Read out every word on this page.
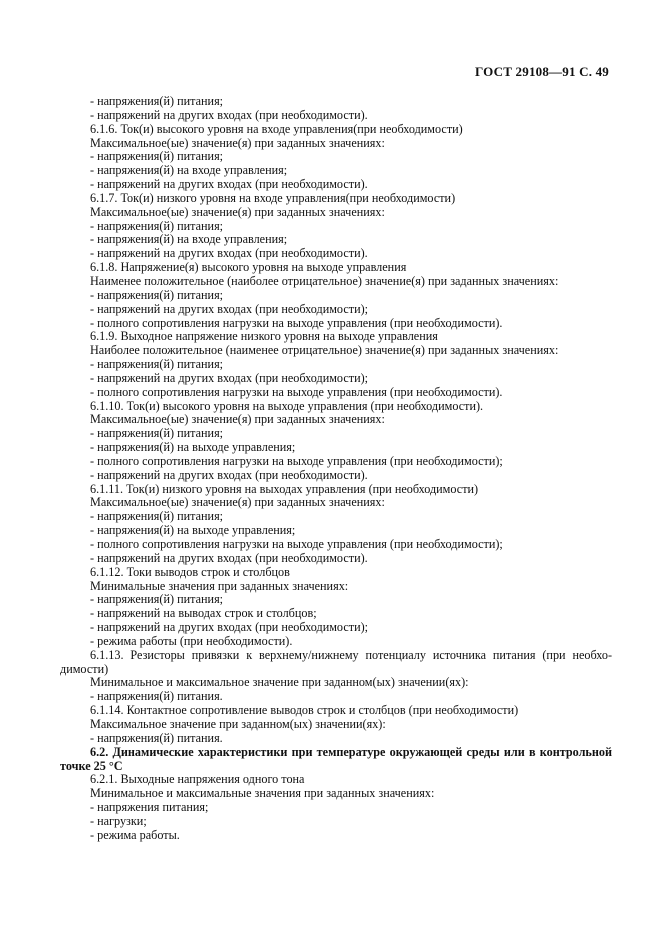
ГОСТ 29108—91 С. 49
- напряжения(й) питания;
- напряжений на других входах (при необходимости).
6.1.6. Ток(и) высокого уровня на входе управления(при необходимости)
Максимальное(ые) значение(я) при заданных значениях:
- напряжения(й) питания;
- напряжения(й) на входе управления;
- напряжений на других входах (при необходимости).
6.1.7. Ток(и) низкого уровня на входе управления(при необходимости)
Максимальное(ые) значение(я) при заданных значениях:
- напряжения(й) питания;
- напряжения(й) на входе управления;
- напряжений на других входах (при необходимости).
6.1.8. Напряжение(я) высокого уровня на выходе управления
Наименее положительное (наиболее отрицательное) значение(я) при заданных значениях:
- напряжения(й) питания;
- напряжений на других входах (при необходимости);
- полного сопротивления нагрузки на выходе управления (при необходимости).
6.1.9. Выходное напряжение низкого уровня на выходе управления
Наиболее положительное (наименее отрицательное) значение(я) при заданных значениях:
- напряжения(й) питания;
- напряжений на других входах (при необходимости);
- полного сопротивления нагрузки на выходе управления (при необходимости).
6.1.10. Ток(и) высокого уровня на выходе управления (при необходимости).
Максимальное(ые) значение(я) при заданных значениях:
- напряжения(й) питания;
- напряжения(й) на выходе управления;
- полного сопротивления нагрузки на выходе управления (при необходимости);
- напряжений на других входах (при необходимости).
6.1.11. Ток(и) низкого уровня на выходах управления (при необходимости)
Максимальное(ые) значение(я) при заданных значениях:
- напряжения(й) питания;
- напряжения(й) на выходе управления;
- полного сопротивления нагрузки на выходе управления (при необходимости);
- напряжений на других входах (при необходимости).
6.1.12. Токи выводов строк и столбцов
Минимальные значения при заданных значениях:
- напряжения(й) питания;
- напряжений на выводах строк и столбцов;
- напряжений на других входах (при необходимости);
- режима работы (при необходимости).
6.1.13. Резисторы привязки к верхнему/нижнему потенциалу источника питания (при необходимости)
Минимальное и максимальное значение при заданном(ых) значении(ях):
- напряжения(й) питания.
6.1.14. Контактное сопротивление выводов строк и столбцов (при необходимости)
Максимальное значение при заданном(ых) значении(ях):
- напряжения(й) питания.
6.2. Динамические характеристики при температуре окружающей среды или в контрольной точке 25 °С
6.2.1. Выходные напряжения одного тона
Минимальное и максимальные значения при заданных значениях:
- напряжения питания;
- нагрузки;
- режима работы.
